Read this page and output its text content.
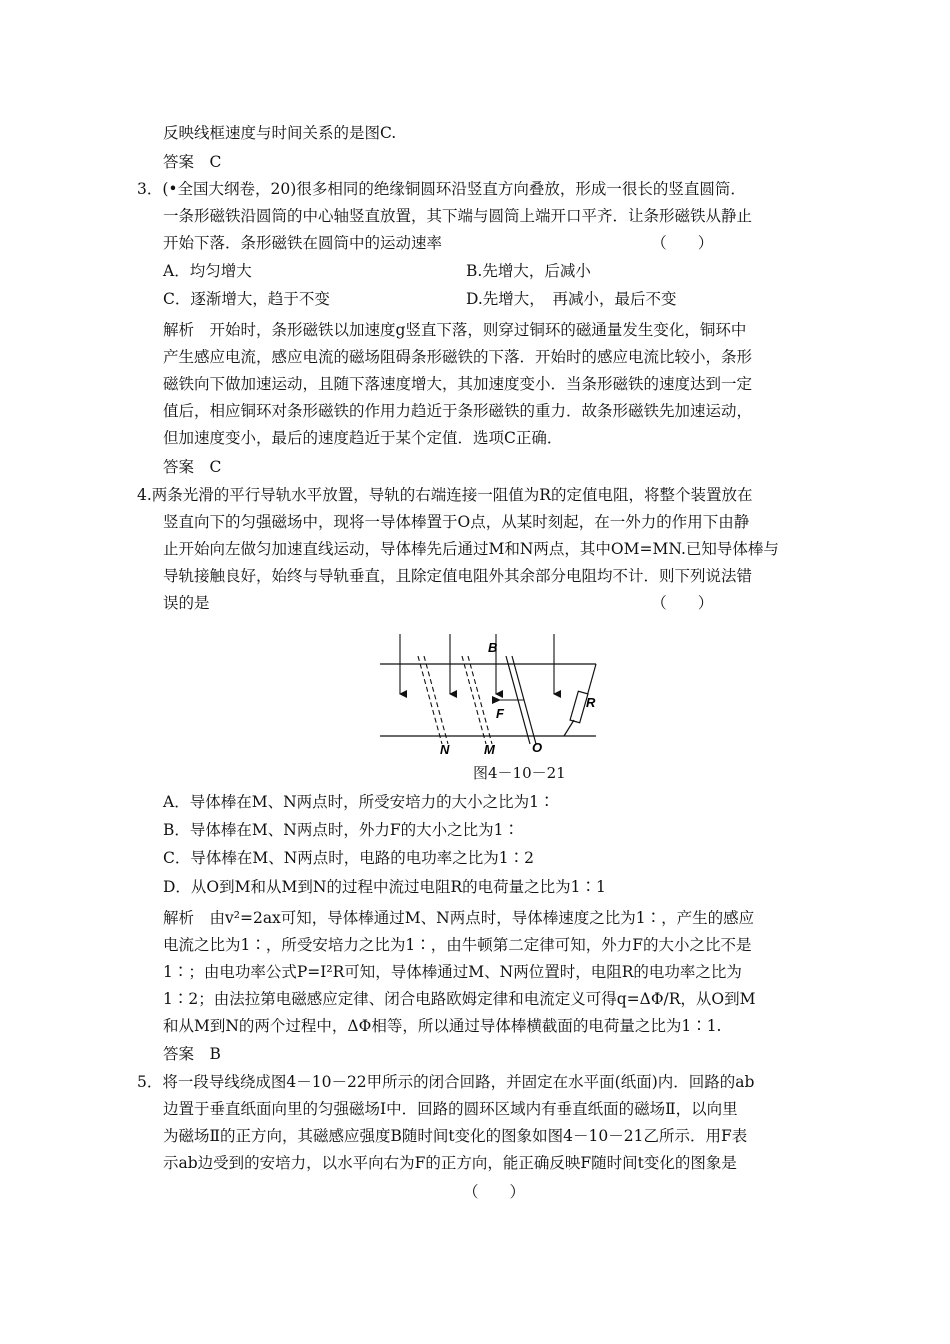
反映线框速度与时间关系的是图C.
答案　C
3．(•全国大纲卷，20)很多相同的绝缘铜圆环沿竖直方向叠放，形成一很长的竖直圆筒．
一条形磁铁沿圆筒的中心轴竖直放置，其下端与圆筒上端开口平齐．让条形磁铁从静止
开始下落．条形磁铁在圆筒中的运动速率　　　　　　　　　　　　　　（　　）
A．均匀增大	B.先增大，后减小
C．逐渐增大，趋于不变	D.先增大，　再减小，最后不变
解析　开始时，条形磁铁以加速度g竖直下落，则穿过铜环的磁通量发生变化，铜环中
产生感应电流，感应电流的磁场阻碍条形磁铁的下落．开始时的感应电流比较小，条形
磁铁向下做加速运动，且随下落速度增大，其加速度变小．当条形磁铁的速度达到一定
值后，相应铜环对条形磁铁的作用力趋近于条形磁铁的重力．故条形磁铁先加速运动，
但加速度变小，最后的速度趋近于某个定值．选项C正确．
答案　C
4.两条光滑的平行导轨水平放置，导轨的右端连接一阻值为R的定值电阻，将整个装置放在
竖直向下的匀强磁场中，现将一导体棒置于O点，从某时刻起，在一外力的作用下由静
止开始向左做匀加速直线运动，导体棒先后通过M和N两点，其中OM=MN.已知导体棒与
导轨接触良好，始终与导轨垂直，且除定值电阻外其余部分电阻均不计．则下列说法错
误的是　　　　　　　　　　　　　　　　　　　　　　　　　　　　　（　　）
B
F
R
N	M	O
图4－10－21
A．导体棒在M、N两点时，所受安培力的大小之比为1∶
B．导体棒在M、N两点时，外力F的大小之比为1∶
C．导体棒在M、N两点时，电路的电功率之比为1∶2
D．从O到M和从M到N的过程中流过电阻R的电荷量之比为1∶1
解析　由v²=2ax可知，导体棒通过M、N两点时，导体棒速度之比为1∶，产生的感应
电流之比为1∶，所受安培力之比为1∶，由牛顿第二定律可知，外力F的大小之比不是
1∶；由电功率公式P=I²R可知，导体棒通过M、N两位置时，电阻R的电功率之比为
1∶2；由法拉第电磁感应定律、闭合电路欧姆定律和电流定义可得q=ΔΦ/R，从O到M
和从M到N的两个过程中，ΔΦ相等，所以通过导体棒横截面的电荷量之比为1∶1.
答案　B
5．将一段导线绕成图4－10－22甲所示的闭合回路，并固定在水平面(纸面)内．回路的ab
边置于垂直纸面向里的匀强磁场Ⅰ中．回路的圆环区域内有垂直纸面的磁场Ⅱ，以向里
为磁场Ⅱ的正方向，其磁感应强度B随时间t变化的图象如图4－10－21乙所示．用F表
示ab边受到的安培力，以水平向右为F的正方向，能正确反映F随时间t变化的图象是
（　　）
